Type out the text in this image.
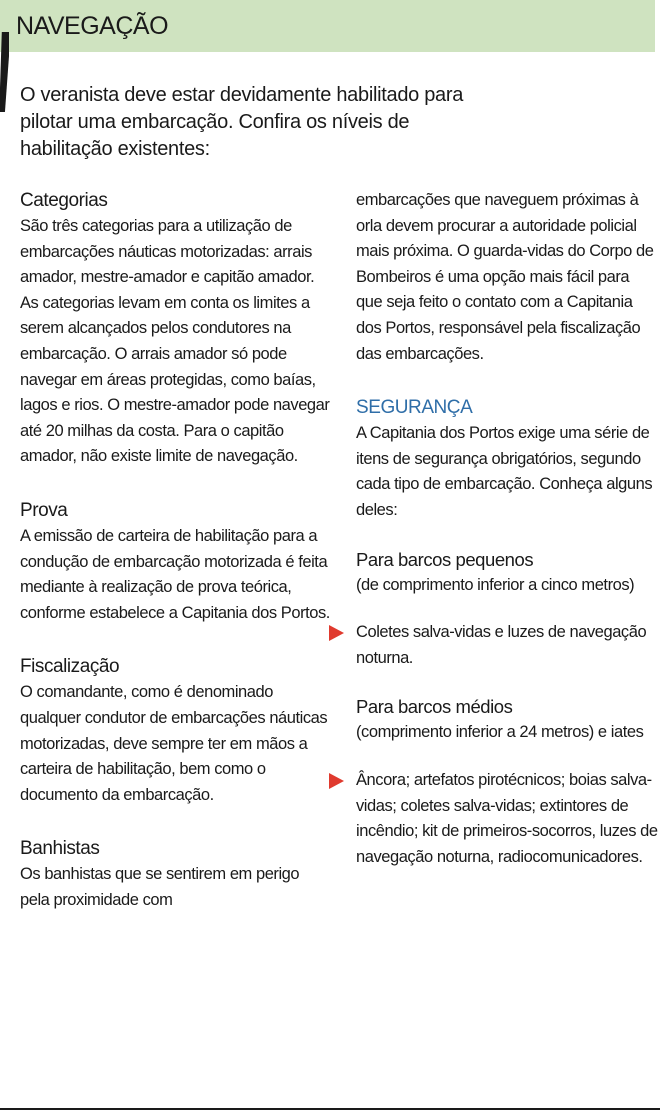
NAVEGAÇÃO
O veranista deve estar devidamente habilitado para pilotar uma embarcação. Confira os níveis de habilitação existentes:
Categorias
São três categorias para a utilização de embarcações náuticas motorizadas: arrais amador, mestre-amador e capitão amador. As categorias levam em conta os limites a serem alcançados pelos condutores na embarcação. O arrais amador só pode navegar em áreas protegidas, como baías, lagos e rios. O mestre-amador pode navegar até 20 milhas da costa. Para o capitão amador, não existe limite de navegação.
Prova
A emissão de carteira de habilitação para a condução de embarcação motorizada é feita mediante à realização de prova teórica, conforme estabelece a Capitania dos Portos.
Fiscalização
O comandante, como é denominado qualquer condutor de embarcações náuticas motorizadas, deve sempre ter em mãos a carteira de habilitação, bem como o documento da embarcação.
Banhistas
Os banhistas que se sentirem em perigo pela proximidade com
embarcações que naveguem próximas à orla devem procurar a autoridade policial mais próxima. O guarda-vidas do Corpo de Bombeiros é uma opção mais fácil para que seja feito o contato com a Capitania dos Portos, responsável pela fiscalização das embarcações.
SEGURANÇA
A Capitania dos Portos exige uma série de itens de segurança obrigatórios, segundo cada tipo de embarcação. Conheça alguns deles:
Para barcos pequenos
(de comprimento inferior a cinco metros)
Coletes salva-vidas e luzes de navegação noturna.
Para barcos médios
(comprimento inferior a 24 metros) e iates
Âncora; artefatos pirotécnicos; boias salva-vidas; coletes salva-vidas; extintores de incêndio; kit de primeiros-socorros, luzes de navegação noturna, radiocomunicadores.
